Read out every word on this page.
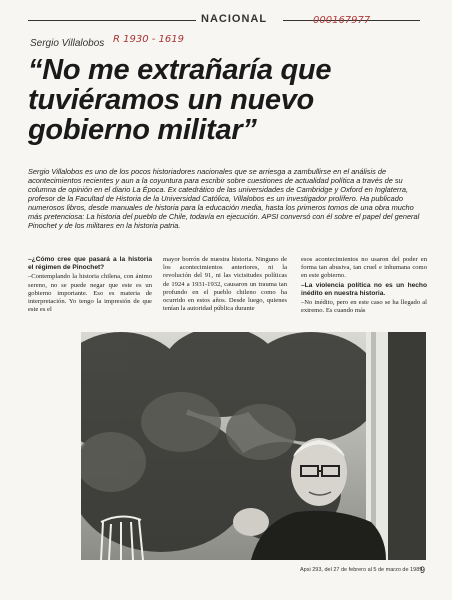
NACIONAL	000167977
Sergio Villalobos R 1930 - 1619
“No me extrañaría que tuviéramos un nuevo gobierno militar”

Sergio Villalobos es uno de los pocos historiadores nacionales que se arriesga a zambullirse en el análisis de acontecimientos recientes y aun a la coyuntura para escribir sobre cuestiones de actualidad política a través de su columna de opinión en el diario La Época. Ex catedrático de las universidades de Cambridge y Oxford en Inglaterra, profesor de la Facultad de Historia de la Universidad Católica, Villalobos es un investigador prolífero. Ha publicado numerosos libros, desde manuales de historia para la educación media, hasta los primeros tomos de una obra mucho más pretenciosa: La historia del pueblo de Chile, todavía en ejecución. APSI conversó con él sobre el papel del general Pinochet y de los militares en la historia patria.

–¿Cómo cree que pasará a la historia el régimen de Pinochet?

–Contemplando la historia chilena, con ánimo sereno, no se puede negar que este es un gobierno importante. Eso es materia de interpretación. Yo tengo la impresión de que este es el

mayor borrón de nuestra historia. Ninguno de los acontecimientos anteriores, ni la revolución del 91, ni las vicisitudes políticas de 1924 a 1931-1932, causaron un trauma tan profundo en el pueblo chileno como ha ocurrido en estos años. Desde luego, quienes tenían la autoridad pública durante

esos acontecimientos no usaron del poder en forma tan abusiva, tan cruel e inhumana como en este gobierno.

–La violencia política no es un hecho inédito en nuestra historia.

–No inédito, pero en este caso se ha llegado al extremo. Es cuando más

Apsi 293, del 27 de febrero al 5 de marzo de 1989
9
